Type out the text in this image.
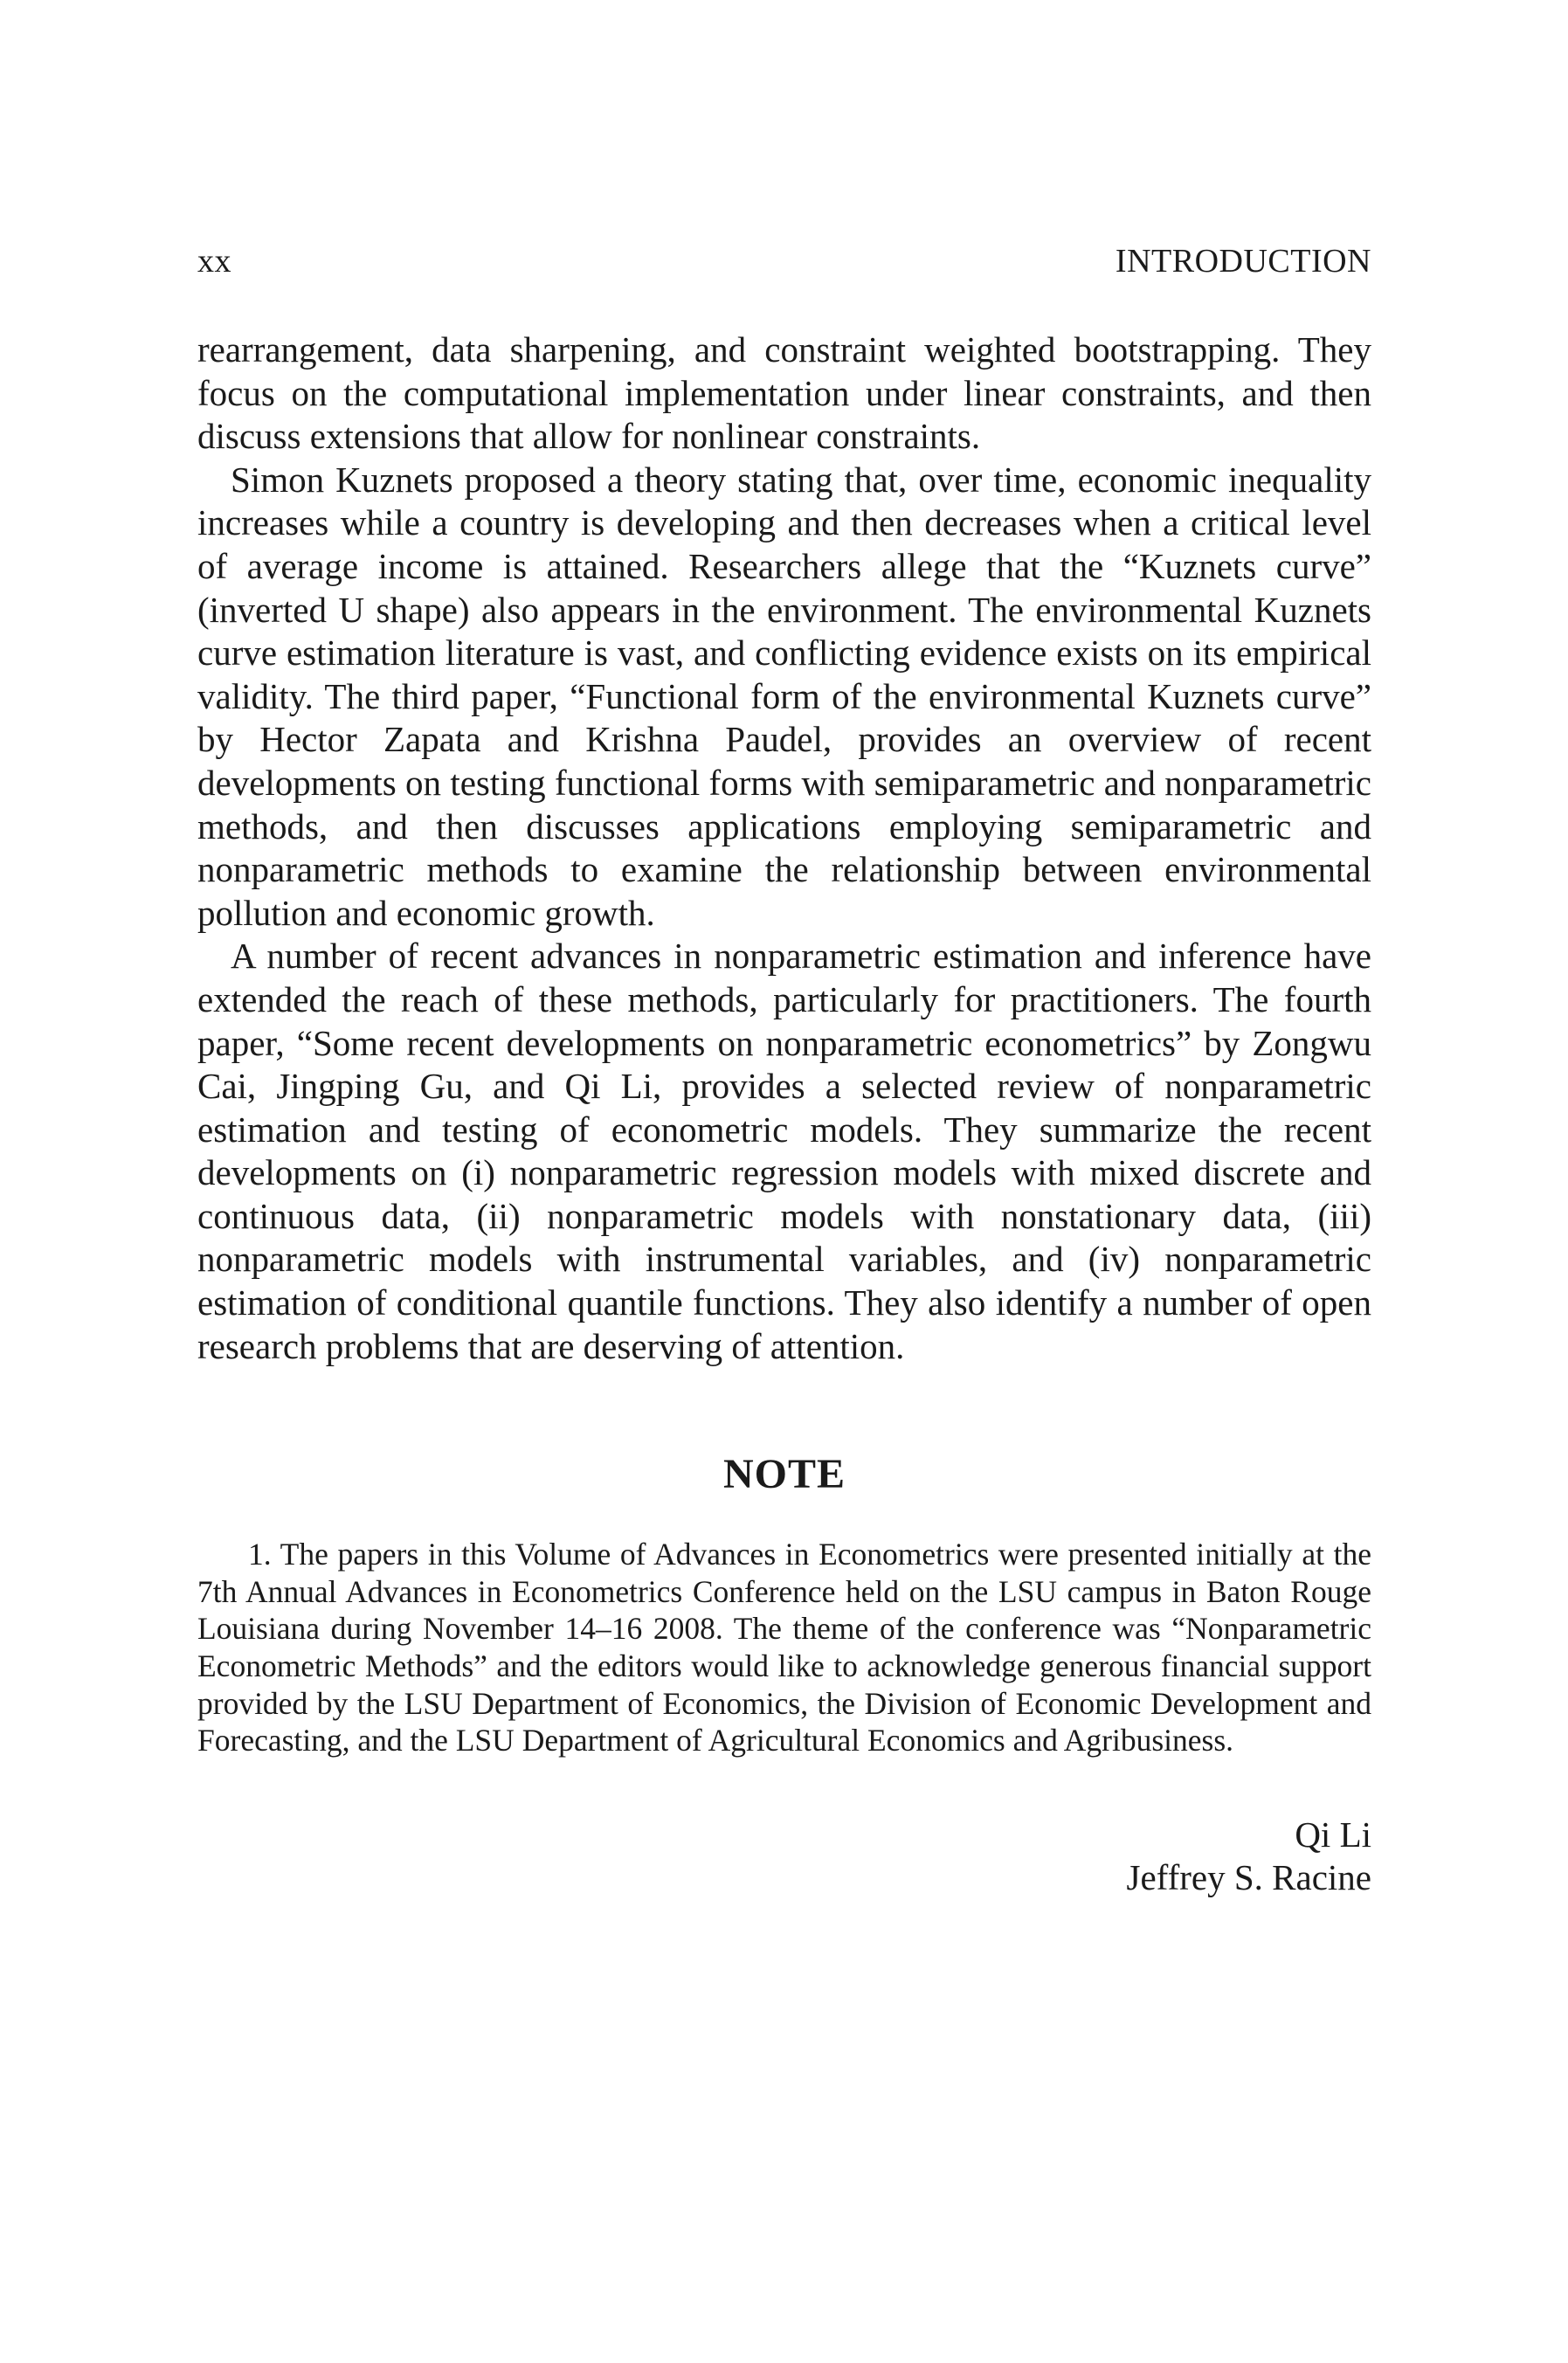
xx	INTRODUCTION

rearrangement, data sharpening, and constraint weighted bootstrapping. They focus on the computational implementation under linear constraints, and then discuss extensions that allow for nonlinear constraints.

Simon Kuznets proposed a theory stating that, over time, economic inequality increases while a country is developing and then decreases when a critical level of average income is attained. Researchers allege that the “Kuznets curve” (inverted U shape) also appears in the environment. The environmental Kuznets curve estimation literature is vast, and conflicting evidence exists on its empirical validity. The third paper, “Functional form of the environmental Kuznets curve” by Hector Zapata and Krishna Paudel, provides an overview of recent developments on testing functional forms with semiparametric and nonparametric methods, and then discusses applications employing semiparametric and nonparametric methods to examine the relationship between environmental pollution and economic growth.

A number of recent advances in nonparametric estimation and inference have extended the reach of these methods, particularly for practitioners. The fourth paper, “Some recent developments on nonparametric econometrics” by Zongwu Cai, Jingping Gu, and Qi Li, provides a selected review of nonparametric estimation and testing of econometric models. They summarize the recent developments on (i) nonparametric regression models with mixed discrete and continuous data, (ii) nonparametric models with nonstationary data, (iii) nonparametric models with instrumental variables, and (iv) nonparametric estimation of conditional quantile functions. They also identify a number of open research problems that are deserving of attention.

NOTE
1. The papers in this Volume of Advances in Econometrics were presented initially at the 7th Annual Advances in Econometrics Conference held on the LSU campus in Baton Rouge Louisiana during November 14–16 2008. The theme of the conference was “Nonparametric Econometric Methods” and the editors would like to acknowledge generous financial support provided by the LSU Department of Economics, the Division of Economic Development and Forecasting, and the LSU Department of Agricultural Economics and Agribusiness.
Qi Li
Jeffrey S. Racine
